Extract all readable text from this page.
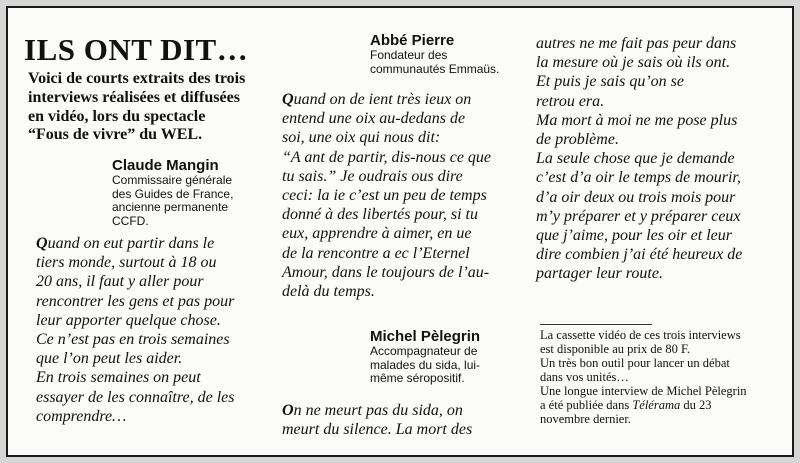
ILS ONT DIT…

Voici de courts extraits des trois
interviews réalisées et diffusées
en vidéo, lors du spectacle
“Fous de vivre” du WEL.

Claude Mangin
Commissaire générale
des Guides de France,
ancienne permanente
CCFD.

Quand on eut partir dans le
tiers monde, surtout à 18 ou
20 ans, il faut y aller pour
rencontrer les gens et pas pour
leur apporter quelque chose.
Ce n’est pas en trois semaines
que l’on peut les aider.
En trois semaines on peut
essayer de les connaître, de les
comprendre…

Abbé Pierre
Fondateur des
communautés Emmaüs.

Quand on de ient très ieux on
entend une oix au-dedans de
soi, une oix qui nous dit:
“A ant de partir, dis-nous ce que
tu sais.” Je oudrais ous dire
ceci: la ie c’est un peu de temps
donné à des libertés pour, si tu
eux, apprendre à aimer, en ue
de la rencontre a ec l’Eternel
Amour, dans le toujours de l’au-
delà du temps.

Michel Pèlegrin
Accompagnateur de
malades du sida, lui-
même séropositif.

On ne meurt pas du sida, on
meurt du silence. La mort des

autres ne me fait pas peur dans
la mesure où je sais où ils ont.
Et puis je sais qu’on se
retrou era.
Ma mort à moi ne me pose plus
de problème.
La seule chose que je demande
c’est d’a oir le temps de mourir,
d’a oir deux ou trois mois pour
m’y préparer et y préparer ceux
que j’aime, pour les oir et leur
dire combien j’ai été heureux de
partager leur route.

La cassette vidéo de ces trois interviews
est disponible au prix de 80 F.
Un très bon outil pour lancer un débat
dans vos unités…
Une longue interview de Michel Pèlegrin
a été publiée dans Télérama du 23
novembre dernier.
